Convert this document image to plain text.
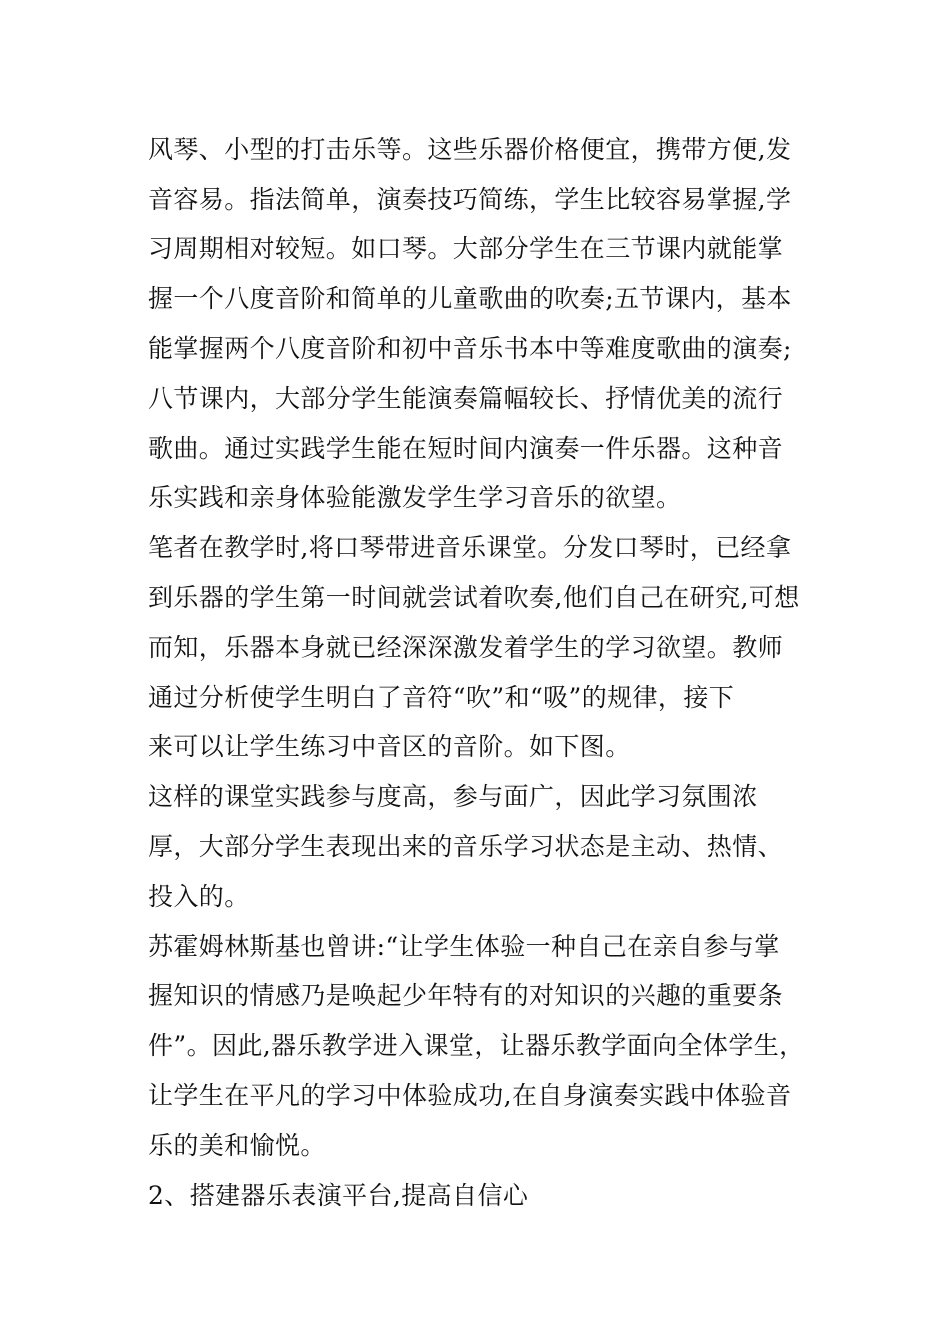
风琴、小型的打击乐等。这些乐器价格便宜，携带方便,发
音容易。指法简单，演奏技巧简练，学生比较容易掌握,学
习周期相对较短。如口琴。大部分学生在三节课内就能掌
握一个八度音阶和简单的儿童歌曲的吹奏;五节课内，基本
能掌握两个八度音阶和初中音乐书本中等难度歌曲的演奏;
八节课内，大部分学生能演奏篇幅较长、抒情优美的流行
歌曲。通过实践学生能在短时间内演奏一件乐器。这种音
乐实践和亲身体验能激发学生学习音乐的欲望。
笔者在教学时,将口琴带进音乐课堂。分发口琴时，已经拿
到乐器的学生第一时间就尝试着吹奏,他们自己在研究,可想
而知，乐器本身就已经深深激发着学生的学习欲望。教师
通过分析使学生明白了音符“吹”和“吸”的规律，接下
来可以让学生练习中音区的音阶。如下图。
这样的课堂实践参与度高，参与面广，因此学习氛围浓
厚，大部分学生表现出来的音乐学习状态是主动、热情、
投入的。
苏霍姆林斯基也曾讲:“让学生体验一种自己在亲自参与掌
握知识的情感乃是唤起少年特有的对知识的兴趣的重要条
件”。因此,器乐教学进入课堂，让器乐教学面向全体学生，
让学生在平凡的学习中体验成功,在自身演奏实践中体验音
乐的美和愉悦。
2、搭建器乐表演平台,提高自信心
